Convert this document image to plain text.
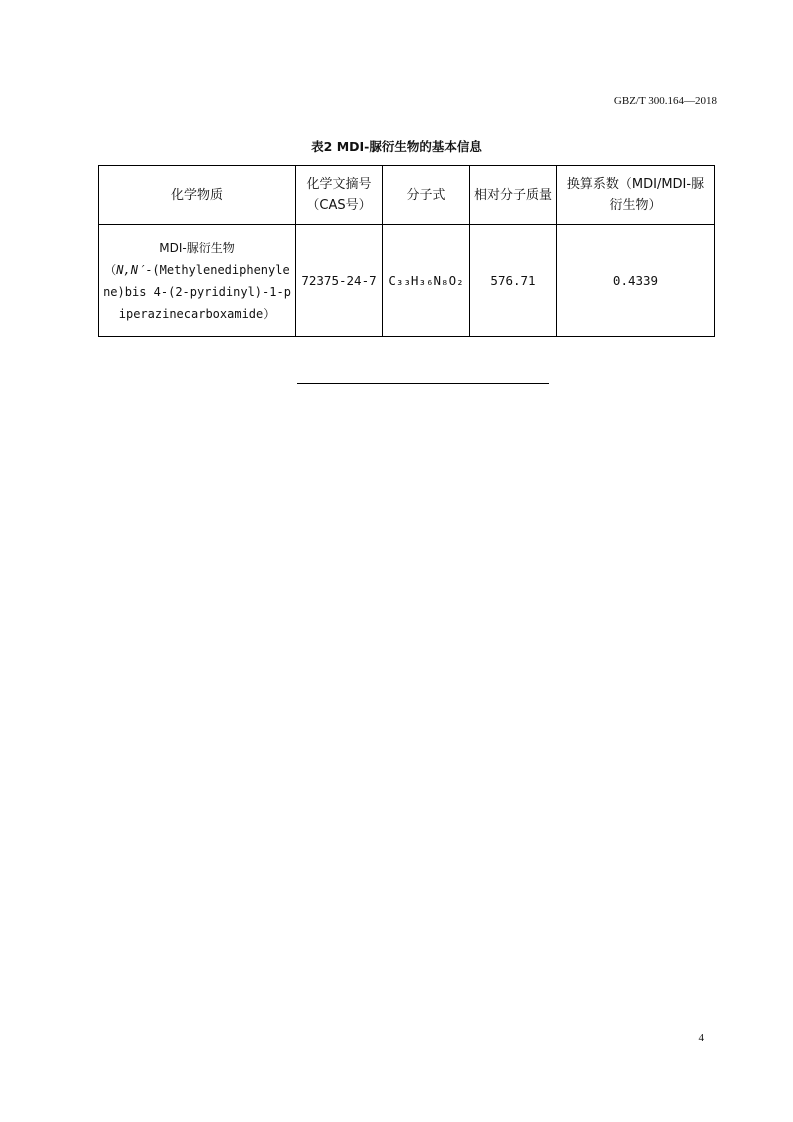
GBZ/T 300.164—2018
表2 MDI-脲衍生物的基本信息
化学物质	化学文摘号（CAS号）	分子式	相对分子质量	换算系数（MDI/MDI-脲衍生物）
MDI-脲衍生物
（N,N′-(Methylenediphenylene)bis 4-(2-pyridinyl)-1-piperazinecarboxamide）	72375-24-7	C₃₃H₃₆N₈O₂	576.71	0.4339
4
